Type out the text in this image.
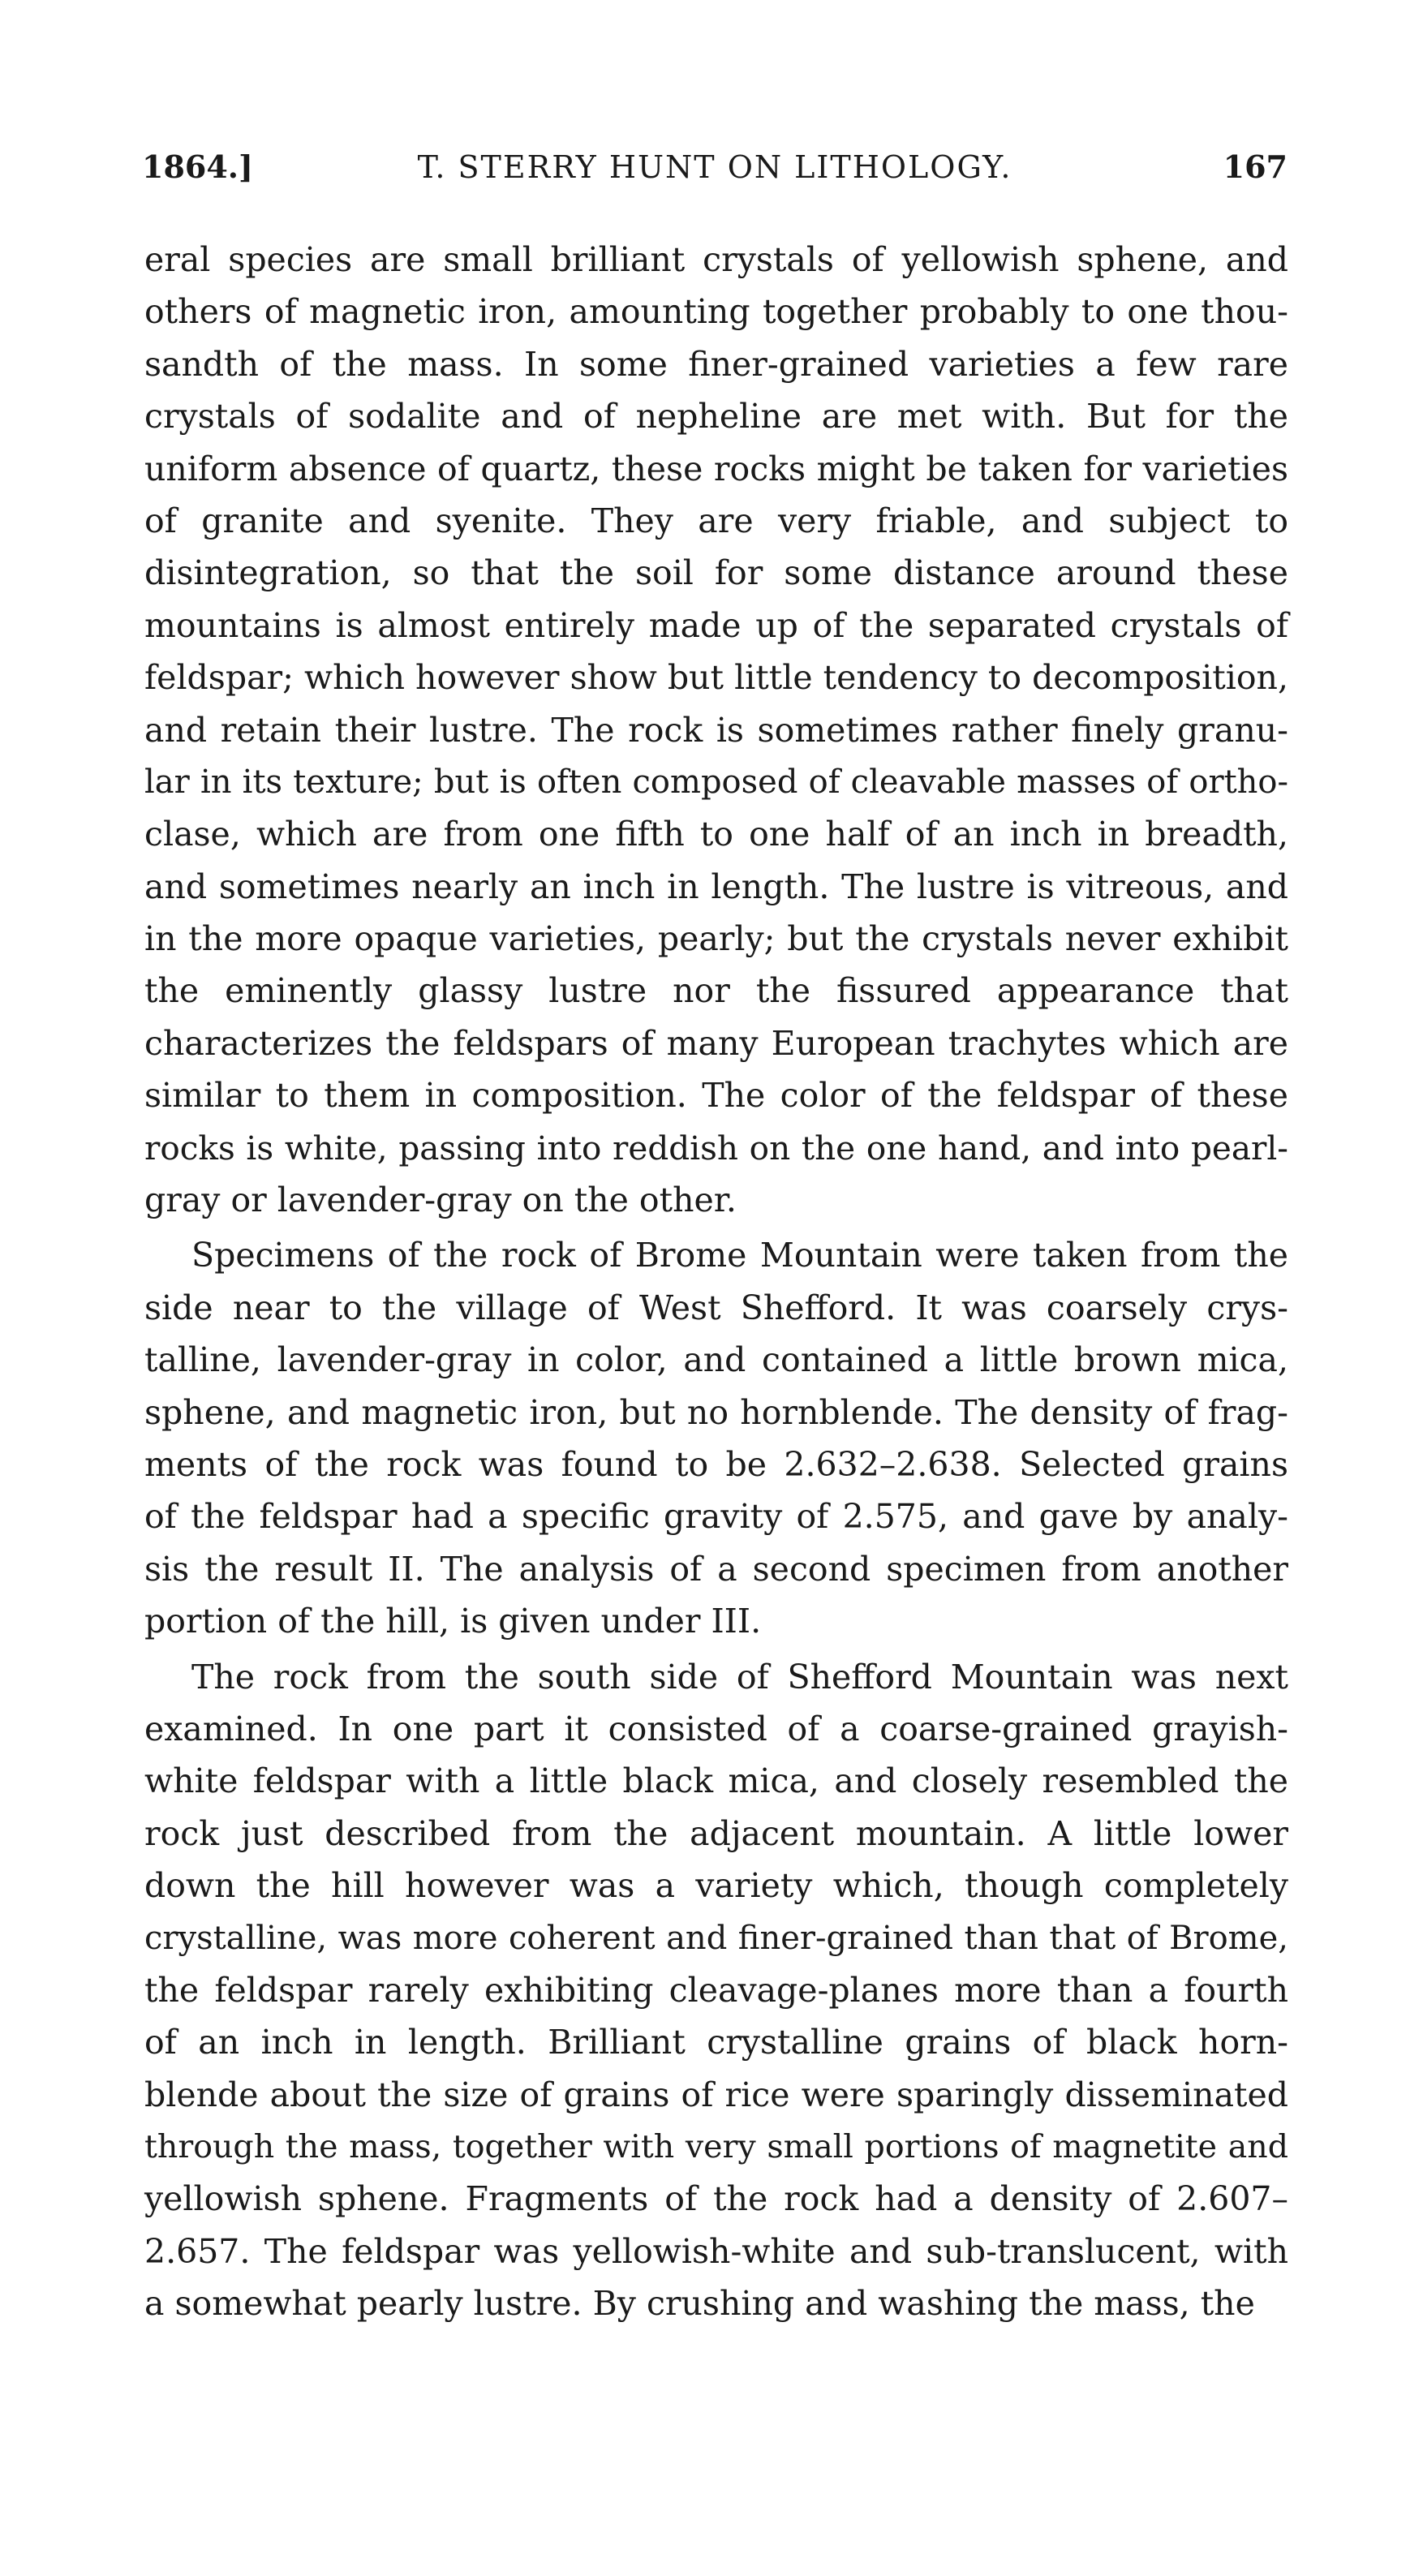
1864.]	T. STERRY HUNT ON LITHOLOGY.	167
eral species are small brilliant crystals of yellowish sphene, and
others of magnetic iron, amounting together probably to one thou-
sandth of the mass. In some finer-grained varieties a few rare
crystals of sodalite and of nepheline are met with. But for the
uniform absence of quartz, these rocks might be taken for varieties
of granite and syenite. They are very friable, and subject to
disintegration, so that the soil for some distance around these
mountains is almost entirely made up of the separated crystals of
feldspar; which however show but little tendency to decomposition,
and retain their lustre. The rock is sometimes rather finely granu-
lar in its texture; but is often composed of cleavable masses of ortho-
clase, which are from one fifth to one half of an inch in breadth,
and sometimes nearly an inch in length. The lustre is vitreous, and
in the more opaque varieties, pearly; but the crystals never exhibit
the eminently glassy lustre nor the fissured appearance that
characterizes the feldspars of many European trachytes which are
similar to them in composition. The color of the feldspar of these
rocks is white, passing into reddish on the one hand, and into pearl-
gray or lavender-gray on the other.
Specimens of the rock of Brome Mountain were taken from the
side near to the village of West Shefford. It was coarsely crys-
talline, lavender-gray in color, and contained a little brown mica,
sphene, and magnetic iron, but no hornblende. The density of frag-
ments of the rock was found to be 2.632–2.638. Selected grains
of the feldspar had a specific gravity of 2.575, and gave by analy-
sis the result II. The analysis of a second specimen from another
portion of the hill, is given under III.
The rock from the south side of Shefford Mountain was next
examined. In one part it consisted of a coarse-grained grayish-
white feldspar with a little black mica, and closely resembled the
rock just described from the adjacent mountain. A little lower
down the hill however was a variety which, though completely
crystalline, was more coherent and finer-grained than that of Brome,
the feldspar rarely exhibiting cleavage-planes more than a fourth
of an inch in length. Brilliant crystalline grains of black horn-
blende about the size of grains of rice were sparingly disseminated
through the mass, together with very small portions of magnetite and
yellowish sphene. Fragments of the rock had a density of 2.607–
2.657. The feldspar was yellowish-white and sub-translucent, with
a somewhat pearly lustre. By crushing and washing the mass, the
